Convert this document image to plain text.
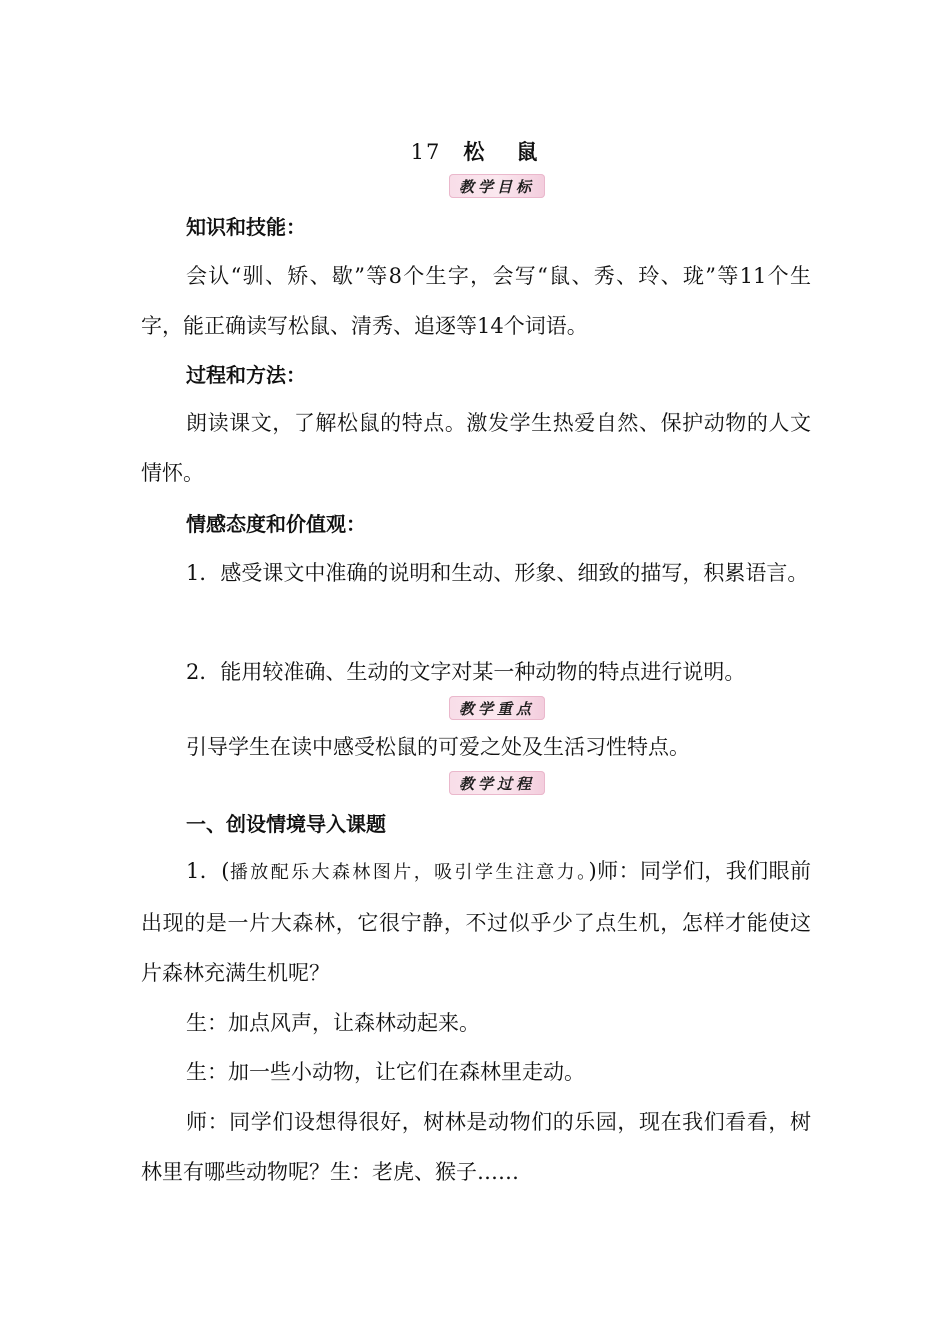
17 松 鼠
教学目标
知识和技能：
会认“驯、矫、歇”等8个生字，会写“鼠、秀、玲、珑”等11个生字，能正确读写松鼠、清秀、追逐等14个词语。
过程和方法：
朗读课文，了解松鼠的特点。激发学生热爱自然、保护动物的人文情怀。
情感态度和价值观：
1．感受课文中准确的说明和生动、形象、细致的描写，积累语言。
2．能用较准确、生动的文字对某一种动物的特点进行说明。
教学重点
引导学生在读中感受松鼠的可爱之处及生活习性特点。
教学过程
一、创设情境导入课题
1．(播放配乐大森林图片，吸引学生注意力。)师：同学们，我们眼前出现的是一片大森林，它很宁静，不过似乎少了点生机，怎样才能使这片森林充满生机呢？
生：加点风声，让森林动起来。
生：加一些小动物，让它们在森林里走动。
师：同学们设想得很好，树林是动物们的乐园，现在我们看看，树林里有哪些动物呢？生：老虎、猴子……
